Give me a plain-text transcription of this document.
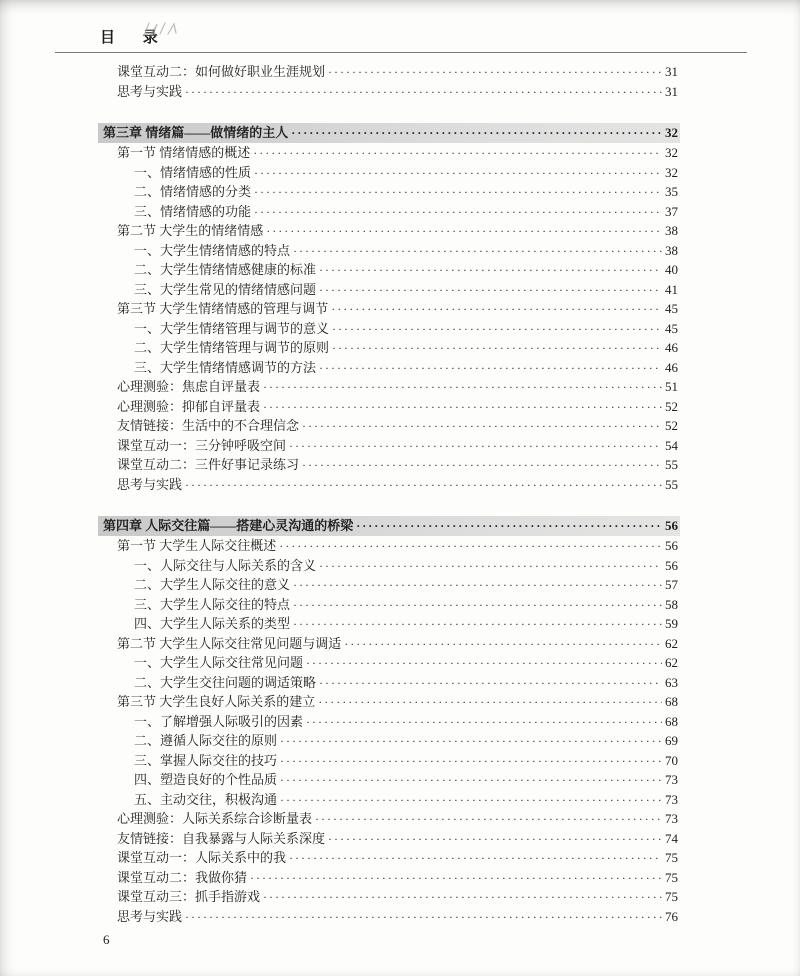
目 录
课堂互动二：如何做好职业生涯规划 ·····	31
思考与实践 ·····	31
第三章 情绪篇——做情绪的主人 ·····	32
第一节 情绪情感的概述 ·····	32
一、情绪情感的性质 ·····	32
二、情绪情感的分类 ·····	35
三、情绪情感的功能 ·····	37
第二节 大学生的情绪情感 ·····	38
一、大学生情绪情感的特点 ·····	38
二、大学生情绪情感健康的标准 ·····	40
三、大学生常见的情绪情感问题 ·····	41
第三节 大学生情绪情感的管理与调节 ·····	45
一、大学生情绪管理与调节的意义 ·····	45
二、大学生情绪管理与调节的原则 ·····	46
三、大学生情绪情感调节的方法 ·····	46
心理测验：焦虑自评量表 ·····	51
心理测验：抑郁自评量表 ·····	52
友情链接：生活中的不合理信念 ·····	52
课堂互动一：三分钟呼吸空间 ·····	54
课堂互动二：三件好事记录练习 ·····	55
思考与实践 ·····	55
第四章 人际交往篇——搭建心灵沟通的桥梁 ·····	56
第一节 大学生人际交往概述 ·····	56
一、人际交往与人际关系的含义 ·····	56
二、大学生人际交往的意义 ·····	57
三、大学生人际交往的特点 ·····	58
四、大学生人际关系的类型 ·····	59
第二节 大学生人际交往常见问题与调适 ·····	62
一、大学生人际交往常见问题 ·····	62
二、大学生交往问题的调适策略 ·····	63
第三节 大学生良好人际关系的建立 ·····	68
一、了解增强人际吸引的因素 ·····	68
二、遵循人际交往的原则 ·····	69
三、掌握人际交往的技巧 ·····	70
四、塑造良好的个性品质 ·····	73
五、主动交往，积极沟通 ·····	73
心理测验：人际关系综合诊断量表 ·····	73
友情链接：自我暴露与人际关系深度 ·····	74
课堂互动一：人际关系中的我 ·····	75
课堂互动二：我做你猜 ·····	75
课堂互动三：抓手指游戏 ·····	75
思考与实践 ·····	76
6
